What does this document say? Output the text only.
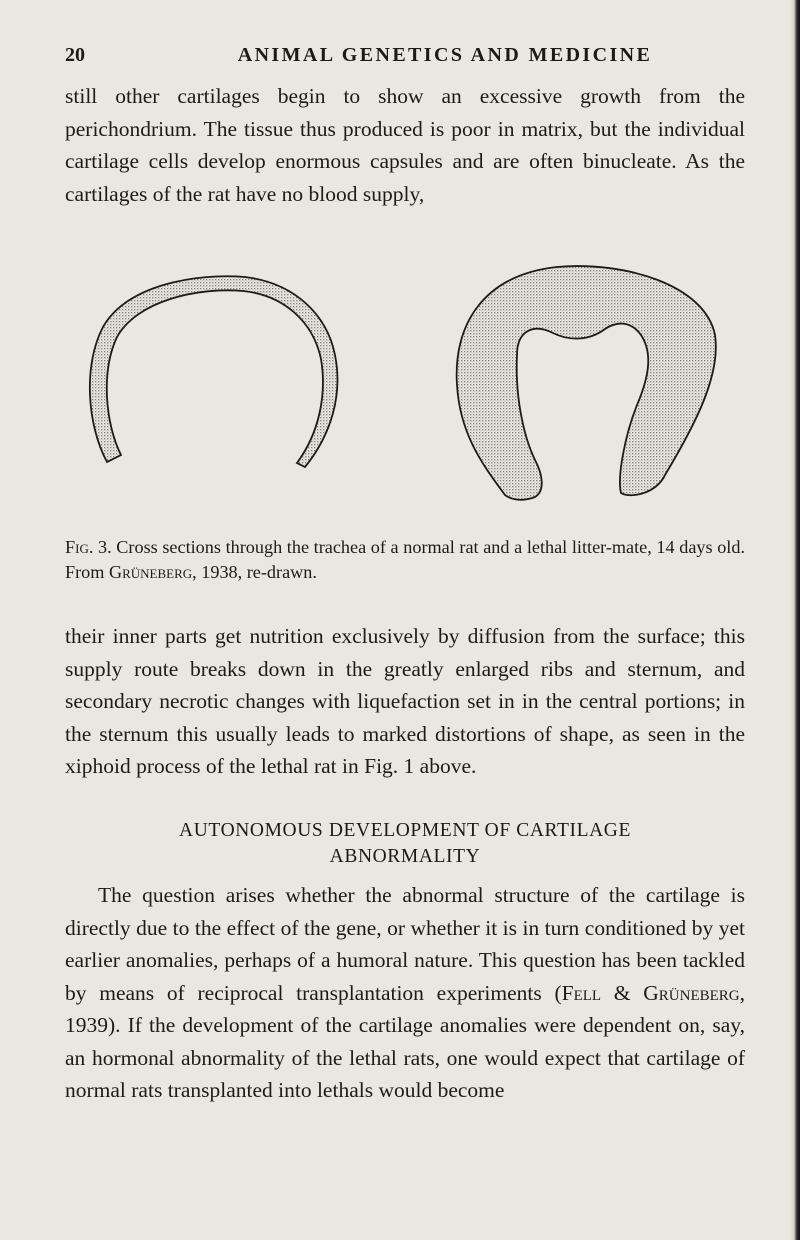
20	ANIMAL GENETICS AND MEDICINE

still other cartilages begin to show an excessive growth from the perichondrium. The tissue thus produced is poor in matrix, but the individual cartilage cells develop enormous capsules and are often binucleate. As the cartilages of the rat have no blood supply,

Fig. 3. Cross sections through the trachea of a normal rat and a lethal litter-mate, 14 days old. From Grüneberg, 1938, re-drawn.

their inner parts get nutrition exclusively by diffusion from the surface; this supply route breaks down in the greatly enlarged ribs and sternum, and secondary necrotic changes with liquefaction set in in the central portions; in the sternum this usually leads to marked distortions of shape, as seen in the xiphoid process of the lethal rat in Fig. 1 above.

AUTONOMOUS DEVELOPMENT OF CARTILAGE
ABNORMALITY

The question arises whether the abnormal structure of the cartilage is directly due to the effect of the gene, or whether it is in turn conditioned by yet earlier anomalies, perhaps of a humoral nature. This question has been tackled by means of reciprocal transplantation experiments (Fell & Grüneberg, 1939). If the development of the cartilage anomalies were dependent on, say, an hormonal abnormality of the lethal rats, one would expect that cartilage of normal rats transplanted into lethals would become
